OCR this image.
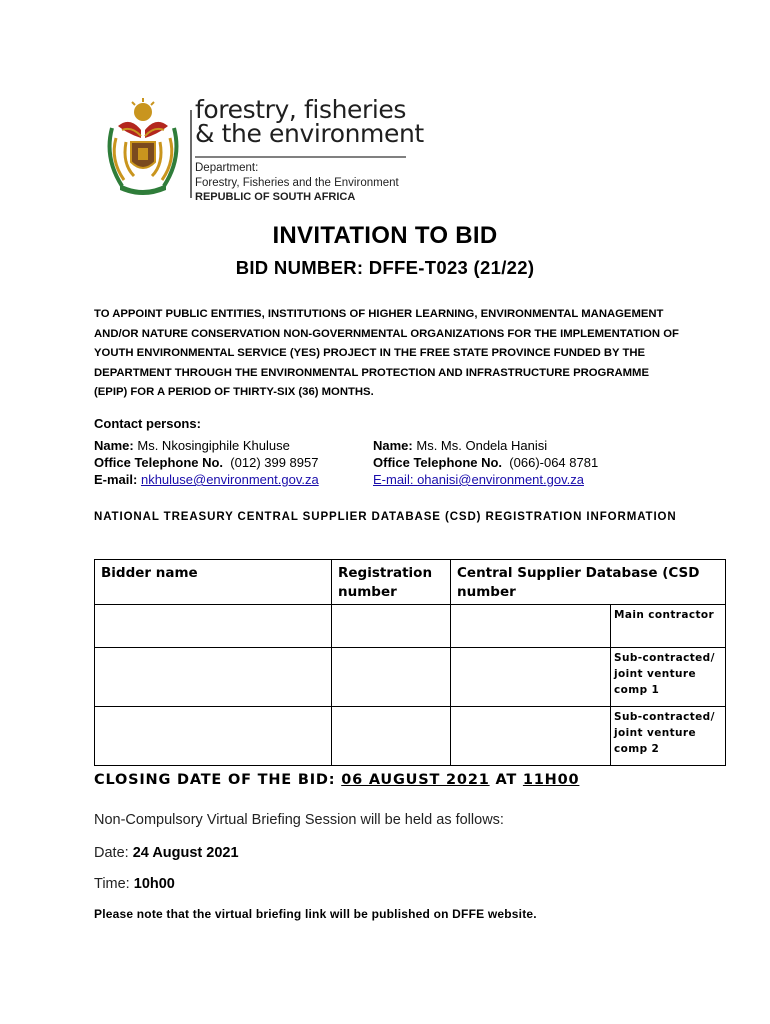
forestry, fisheries
& the environment
Department:
Forestry, Fisheries and the Environment
REPUBLIC OF SOUTH AFRICA
INVITATION TO BID
BID NUMBER: DFFE-T023 (21/22)
TO APPOINT PUBLIC ENTITIES, INSTITUTIONS OF HIGHER LEARNING, ENVIRONMENTAL MANAGEMENT AND/OR NATURE CONSERVATION NON-GOVERNMENTAL ORGANIZATIONS FOR THE IMPLEMENTATION OF YOUTH ENVIRONMENTAL SERVICE (YES) PROJECT IN THE FREE STATE PROVINCE FUNDED BY THE DEPARTMENT THROUGH THE ENVIRONMENTAL PROTECTION AND INFRASTRUCTURE PROGRAMME (EPIP) FOR A PERIOD OF THIRTY-SIX (36) MONTHS.
Contact persons:
Name: Ms. Nkosingiphile Khuluse
Office Telephone No. (012) 399 8957
E-mail: nkhuluse@environment.gov.za
Name: Ms. Ms. Ondela Hanisi
Office Telephone No. (066)-064 8781
E-mail: ohanisi@environment.gov.za
NATIONAL TREASURY CENTRAL SUPPLIER DATABASE (CSD) REGISTRATION INFORMATION
Bidder name	Registration number	Central Supplier Database (CSD number	
			Main contractor
			Sub-contracted/ joint venture comp 1
			Sub-contracted/ joint venture comp 2
CLOSING DATE OF THE BID: 06 AUGUST 2021 AT 11H00
Non-Compulsory Virtual Briefing Session will be held as follows:
Date: 24 August 2021
Time: 10h00
Please note that the virtual briefing link will be published on DFFE website.
